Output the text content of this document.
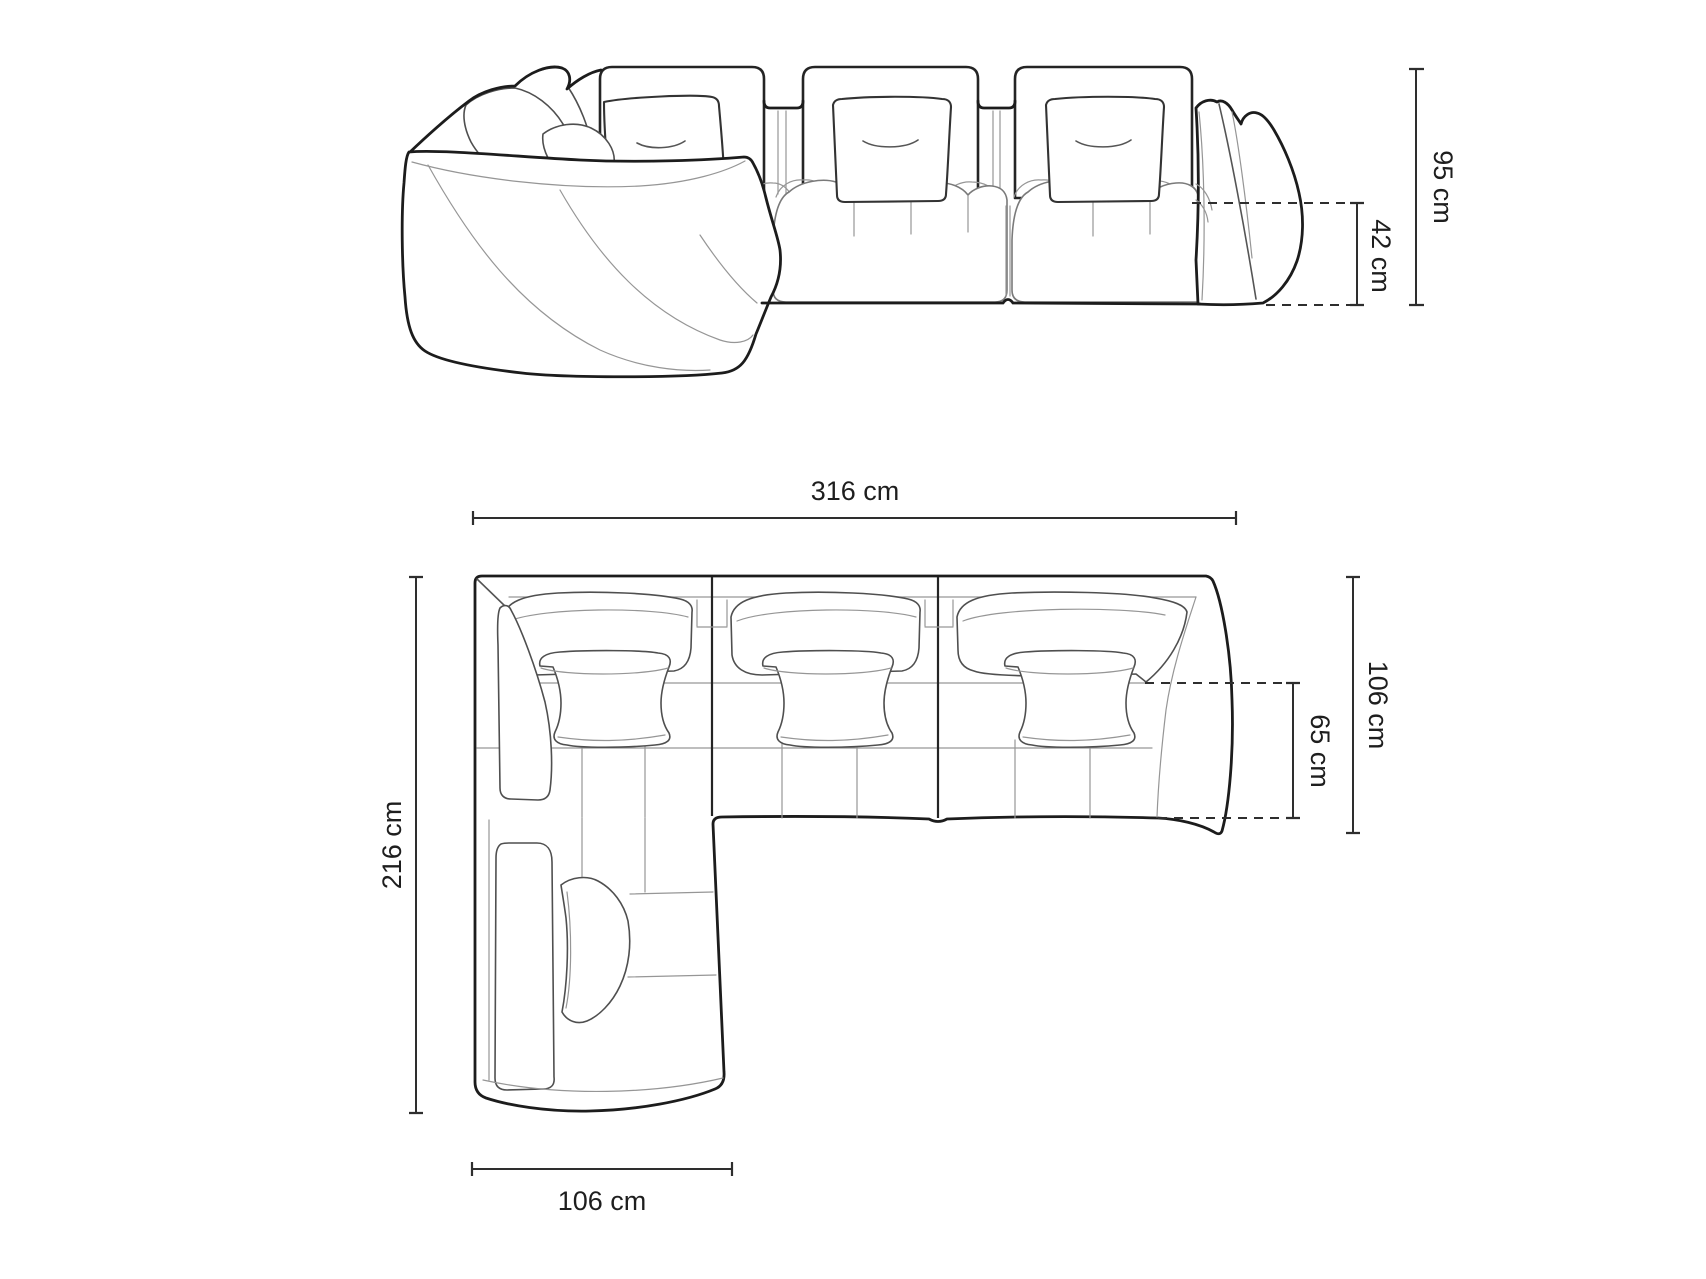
95 cm
42 cm
316 cm
216 cm
106 cm
65 cm
106 cm
